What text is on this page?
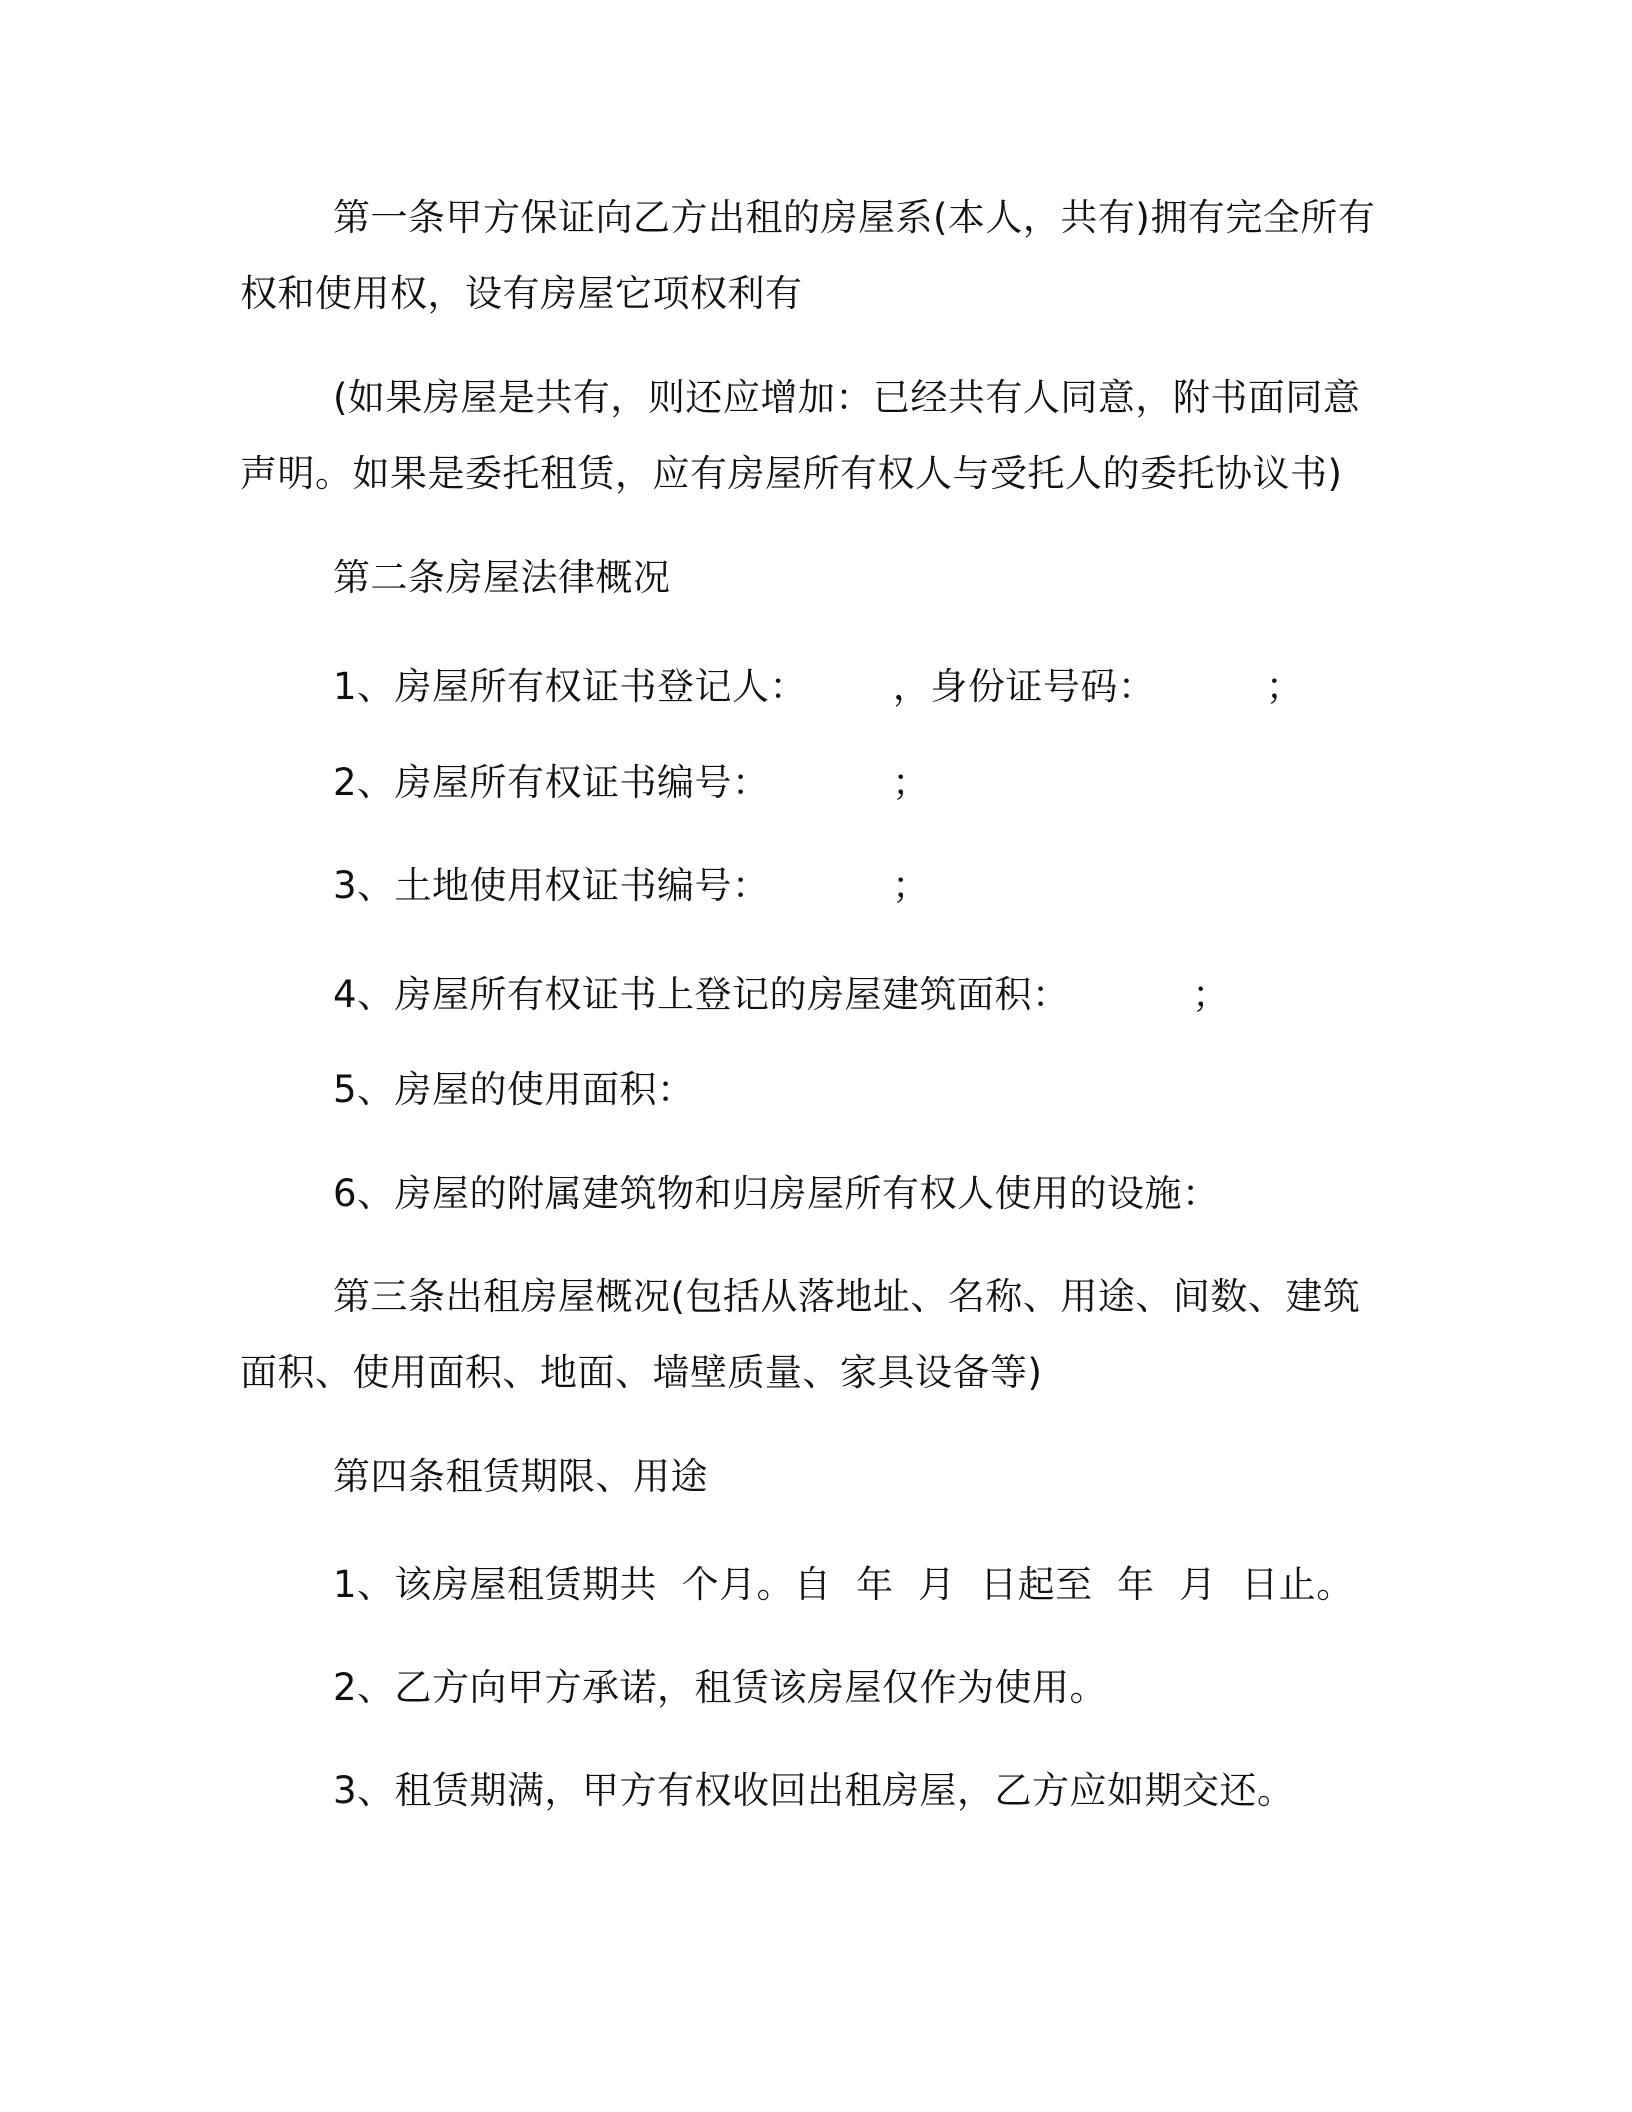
第一条甲方保证向乙方出租的房屋系(本人，共有)拥有完全所有
权和使用权，设有房屋它项权利有
(如果房屋是共有，则还应增加：已经共有人同意，附书面同意
声明。如果是委托租赁，应有房屋所有权人与受托人的委托协议书)
第二条房屋法律概况
1、房屋所有权证书登记人：       ，身份证号码：         ；
2、房屋所有权证书编号：          ；
3、土地使用权证书编号：          ；
4、房屋所有权证书上登记的房屋建筑面积：          ；
5、房屋的使用面积：
6、房屋的附属建筑物和归房屋所有权人使用的设施：
第三条出租房屋概况(包括从落地址、名称、用途、间数、建筑
面积、使用面积、地面、墙壁质量、家具设备等)
第四条租赁期限、用途
1、该房屋租赁期共  个月。自  年  月  日起至  年  月  日止。
2、乙方向甲方承诺，租赁该房屋仅作为使用。
3、租赁期满，甲方有权收回出租房屋，乙方应如期交还。
